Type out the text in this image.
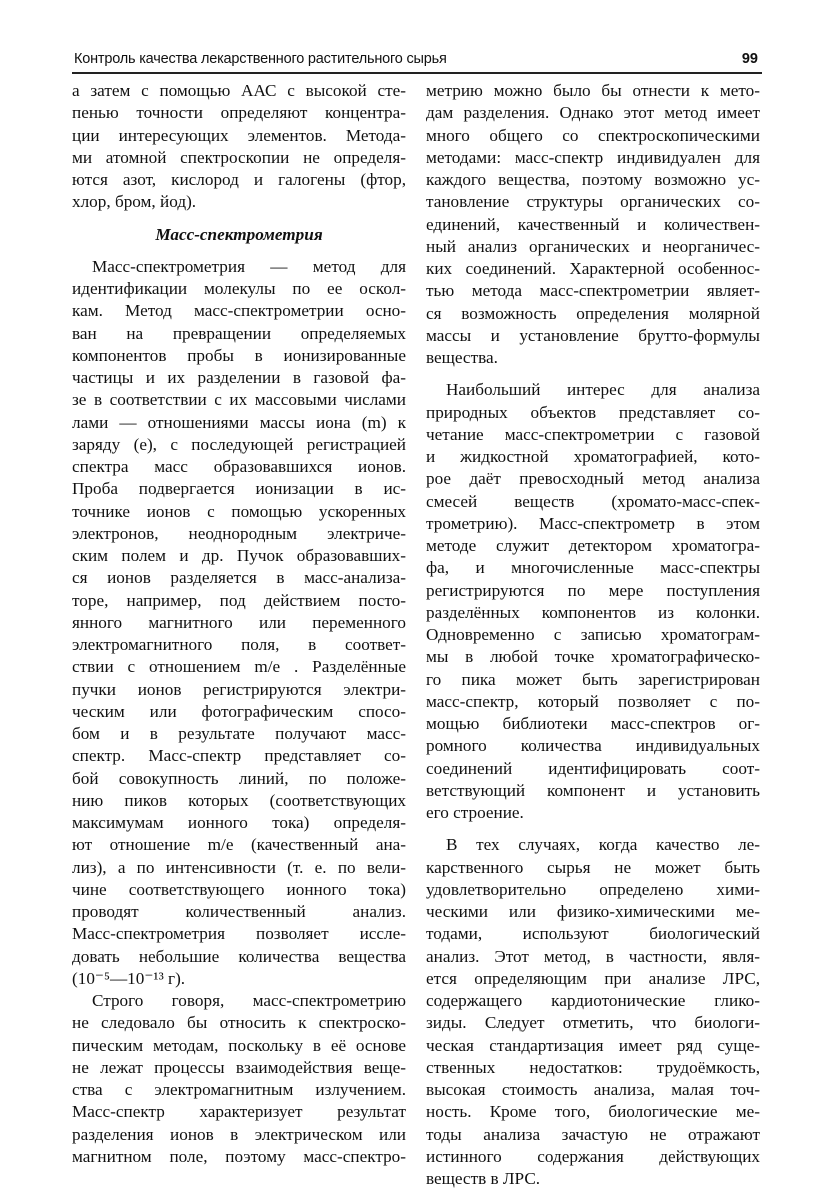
Контроль качества лекарственного растительного сырья	99
а затем с помощью ААС с высокой сте-
пенью точности определяют концентра-
ции интересующих элементов. Метода-
ми атомной спектроскопии не определя-
ются азот, кислород и галогены (фтор,
хлор, бром, йод).
Масс-спектрометрия
Масс-спектрометрия — метод для
идентификации молекулы по ее оскол-
кам. Метод масс-спектрометрии осно-
ван на превращении определяемых
компонентов пробы в ионизированные
частицы и их разделении в газовой фа-
зе в соответствии с их массовыми числами
лами — отношениями массы иона (m) к
заряду (e), с последующей регистрацией
спектра масс образовавшихся ионов.
Проба подвергается ионизации в ис-
точнике ионов с помощью ускоренных
электронов, неоднородным электриче-
ским полем и др. Пучок образовавших-
ся ионов разделяется в масс-анализа-
торе, например, под действием посто-
янного магнитного или переменного
электромагнитного поля, в соответ-
ствии с отношением m/e . Разделённые
пучки ионов регистрируются электри-
ческим или фотографическим спосо-
бом и в результате получают масс-
спектр. Масс-спектр представляет со-
бой совокупность линий, по положе-
нию пиков которых (соответствующих
максимумам ионного тока) определя-
ют отношение m/e (качественный ана-
лиз), а по интенсивности (т. е. по вели-
чине соответствующего ионного тока)
проводят количественный анализ.
Масс-спектрометрия позволяет иссле-
довать небольшие количества вещества
(10⁻⁵—10⁻¹³ г).
Строго говоря, масс-спектрометрию
не следовало бы относить к спектроско-
пическим методам, поскольку в её основе
не лежат процессы взаимодействия веще-
ства с электромагнитным излучением.
Масс-спектр характеризует результат
разделения ионов в электрическом или
магнитном поле, поэтому масс-спектро-
метрию можно было бы отнести к мето-
дам разделения. Однако этот метод имеет
много общего со спектроскопическими
методами: масс-спектр индивидуален для
каждого вещества, поэтому возможно ус-
тановление структуры органических со-
единений, качественный и количествен-
ный анализ органических и неорганичес-
ких соединений. Характерной особеннос-
тью метода масс-спектрометрии являет-
ся возможность определения молярной
массы и установление брутто-формулы
вещества.
Наибольший интерес для анализа
природных объектов представляет со-
четание масс-спектрометрии с газовой
и жидкостной хроматографией, кото-
рое даёт превосходный метод анализа
смесей веществ (хромато-масс-спек-
трометрию). Масс-спектрометр в этом
методе служит детектором хроматогра-
фа, и многочисленные масс-спектры
регистрируются по мере поступления
разделённых компонентов из колонки.
Одновременно с записью хроматограм-
мы в любой точке хроматографическо-
го пика может быть зарегистрирован
масс-спектр, который позволяет с по-
мощью библиотеки масс-спектров ог-
ромного количества индивидуальных
соединений идентифицировать соот-
ветствующий компонент и установить
его строение.
В тех случаях, когда качество ле-
карственного сырья не может быть
удовлетворительно определено хими-
ческими или физико-химическими ме-
тодами, используют биологический
анализ. Этот метод, в частности, явля-
ется определяющим при анализе ЛРС,
содержащего кардиотонические глико-
зиды. Следует отметить, что биологи-
ческая стандартизация имеет ряд суще-
ственных недостатков: трудоёмкость,
высокая стоимость анализа, малая точ-
ность. Кроме того, биологические ме-
тоды анализа зачастую не отражают
истинного содержания действующих
веществ в ЛРС.
